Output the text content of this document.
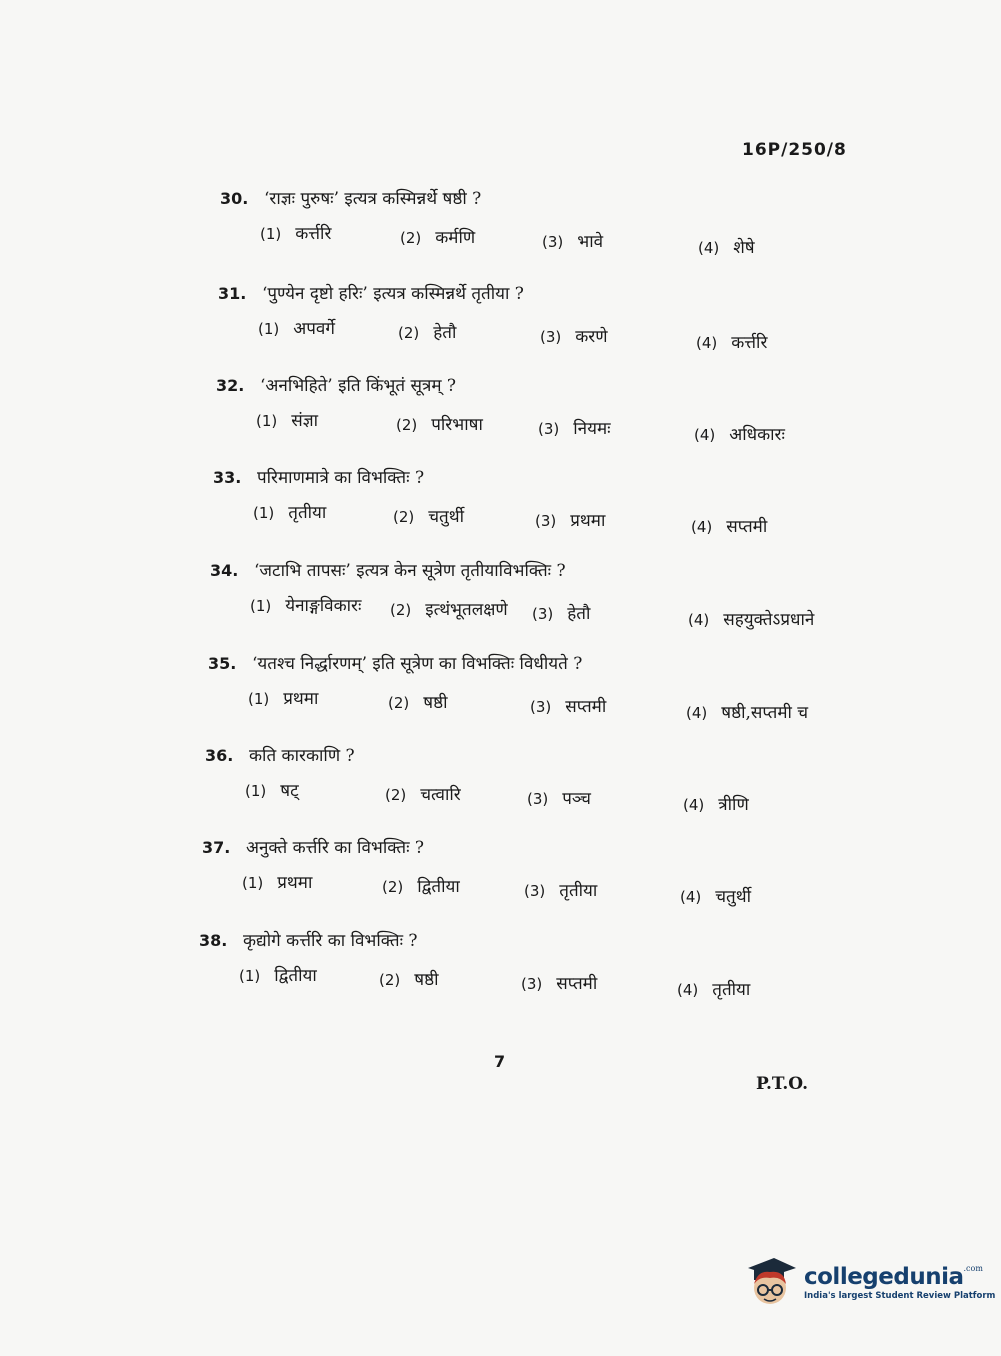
16P/250/8
30. ‘राज्ञः पुरुषः’ इत्यत्र कस्मिन्नर्थे षष्ठी ?
(1) कर्त्तरि	(2) कर्मणि	(3) भावे	(4) शेषे
31. ‘पुण्येन दृष्टो हरिः’ इत्यत्र कस्मिन्नर्थे तृतीया ?
(1) अपवर्गे	(2) हेतौ	(3) करणे	(4) कर्त्तरि
32. ‘अनभिहिते’ इति किंभूतं सूत्रम् ?
(1) संज्ञा	(2) परिभाषा	(3) नियमः	(4) अधिकारः
33. परिमाणमात्रे का विभक्तिः ?
(1) तृतीया	(2) चतुर्थी	(3) प्रथमा	(4) सप्तमी
34. ‘जटाभि तापसः’ इत्यत्र केन सूत्रेण तृतीयाविभक्तिः ?
(1) येनाङ्गविकारः (2) इत्थंभूतलक्षणे (3) हेतौ	(4) सहयुक्तेऽप्रधाने
35. ‘यतश्च निर्द्धारणम्’ इति सूत्रेण का विभक्तिः विधीयते ?
(1) प्रथमा	(2) षष्ठी	(3) सप्तमी	(4) षष्ठी,सप्तमी च
36. कति कारकाणि ?
(1) षट्	(2) चत्वारि	(3) पञ्च	(4) त्रीणि
37. अनुक्ते कर्त्तरि का विभक्तिः ?
(1) प्रथमा	(2) द्वितीया	(3) तृतीया	(4) चतुर्थी
38. कृद्योगे कर्त्तरि का विभक्तिः ?
(1) द्वितीया	(2) षष्ठी	(3) सप्तमी	(4) तृतीया
7
P.T.O.
collegedunia$^{.com}$
India's largest Student Review Platform
